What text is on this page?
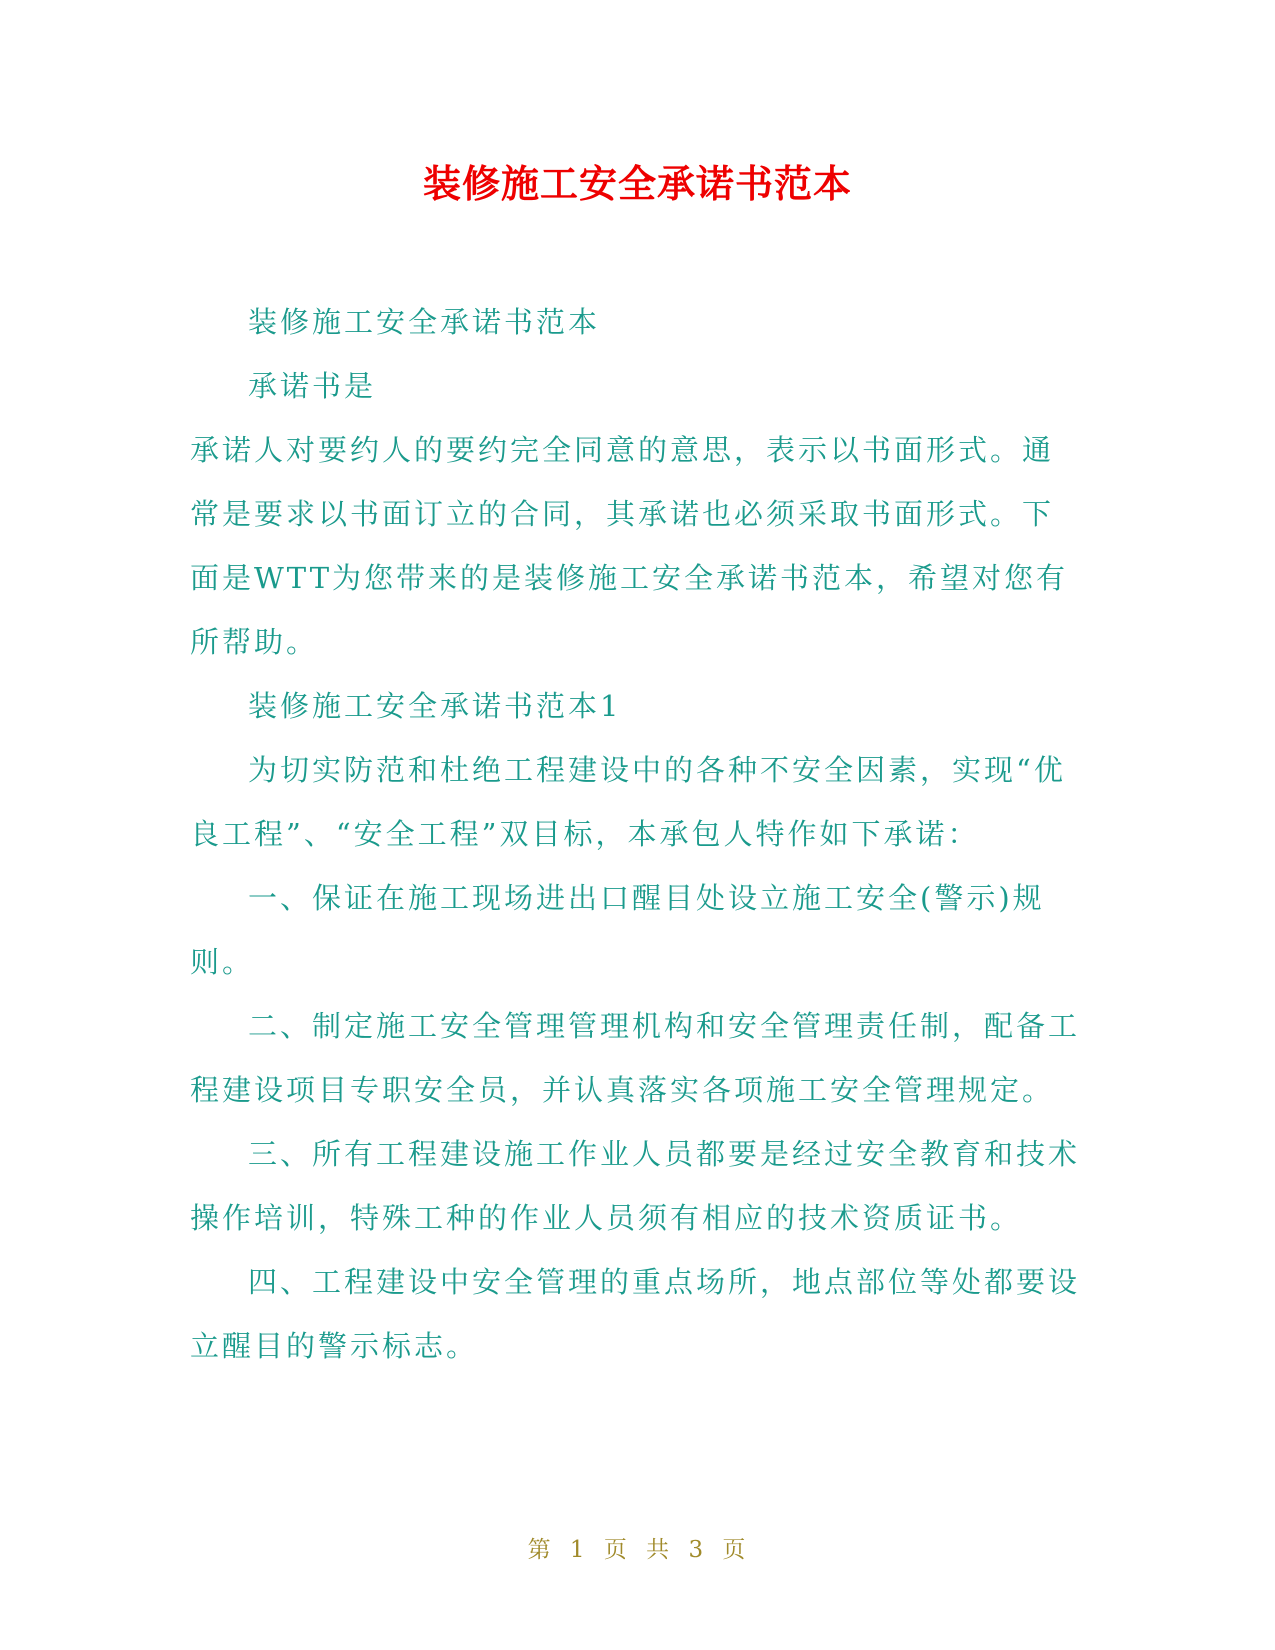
装修施工安全承诺书范本

装修施工安全承诺书范本

承诺书是

承诺人对要约人的要约完全同意的意思，表示以书面形式。通常是要求以书面订立的合同，其承诺也必须采取书面形式。下面是WTT为您带来的是装修施工安全承诺书范本，希望对您有所帮助。

装修施工安全承诺书范本1

为切实防范和杜绝工程建设中的各种不安全因素，实现“优良工程”、“安全工程”双目标，本承包人特作如下承诺：

一、保证在施工现场进出口醒目处设立施工安全(警示)规则。

二、制定施工安全管理管理机构和安全管理责任制，配备工程建设项目专职安全员，并认真落实各项施工安全管理规定。

三、所有工程建设施工作业人员都要是经过安全教育和技术操作培训，特殊工种的作业人员须有相应的技术资质证书。

四、工程建设中安全管理的重点场所，地点部位等处都要设立醒目的警示标志。

第 1 页 共 3 页
